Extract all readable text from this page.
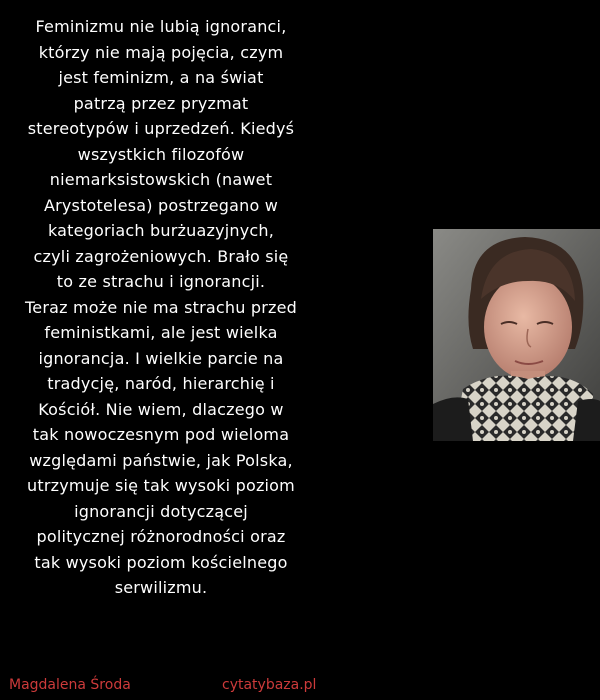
Feminizmu nie lubią ignoranci,
którzy nie mają pojęcia, czym
jest feminizm, a na świat
patrzą przez pryzmat
stereotypów i uprzedzeń. Kiedyś
wszystkich filozofów
niemarksistowskich (nawet
Arystotelesa) postrzegano w
kategoriach burżuazyjnych,
czyli zagrożeniowych. Brało się
to ze strachu i ignorancji.
Teraz może nie ma strachu przed
feministkami, ale jest wielka
ignorancja. I wielkie parcie na
tradycję, naród, hierarchię i
Kościół. Nie wiem, dlaczego w
tak nowoczesnym pod wieloma
względami państwie, jak Polska,
utrzymuje się tak wysoki poziom
ignorancji dotyczącej
politycznej różnorodności oraz
tak wysoki poziom kościelnego
serwilizmu.
Magdalena Środa	cytatybaza.pl
